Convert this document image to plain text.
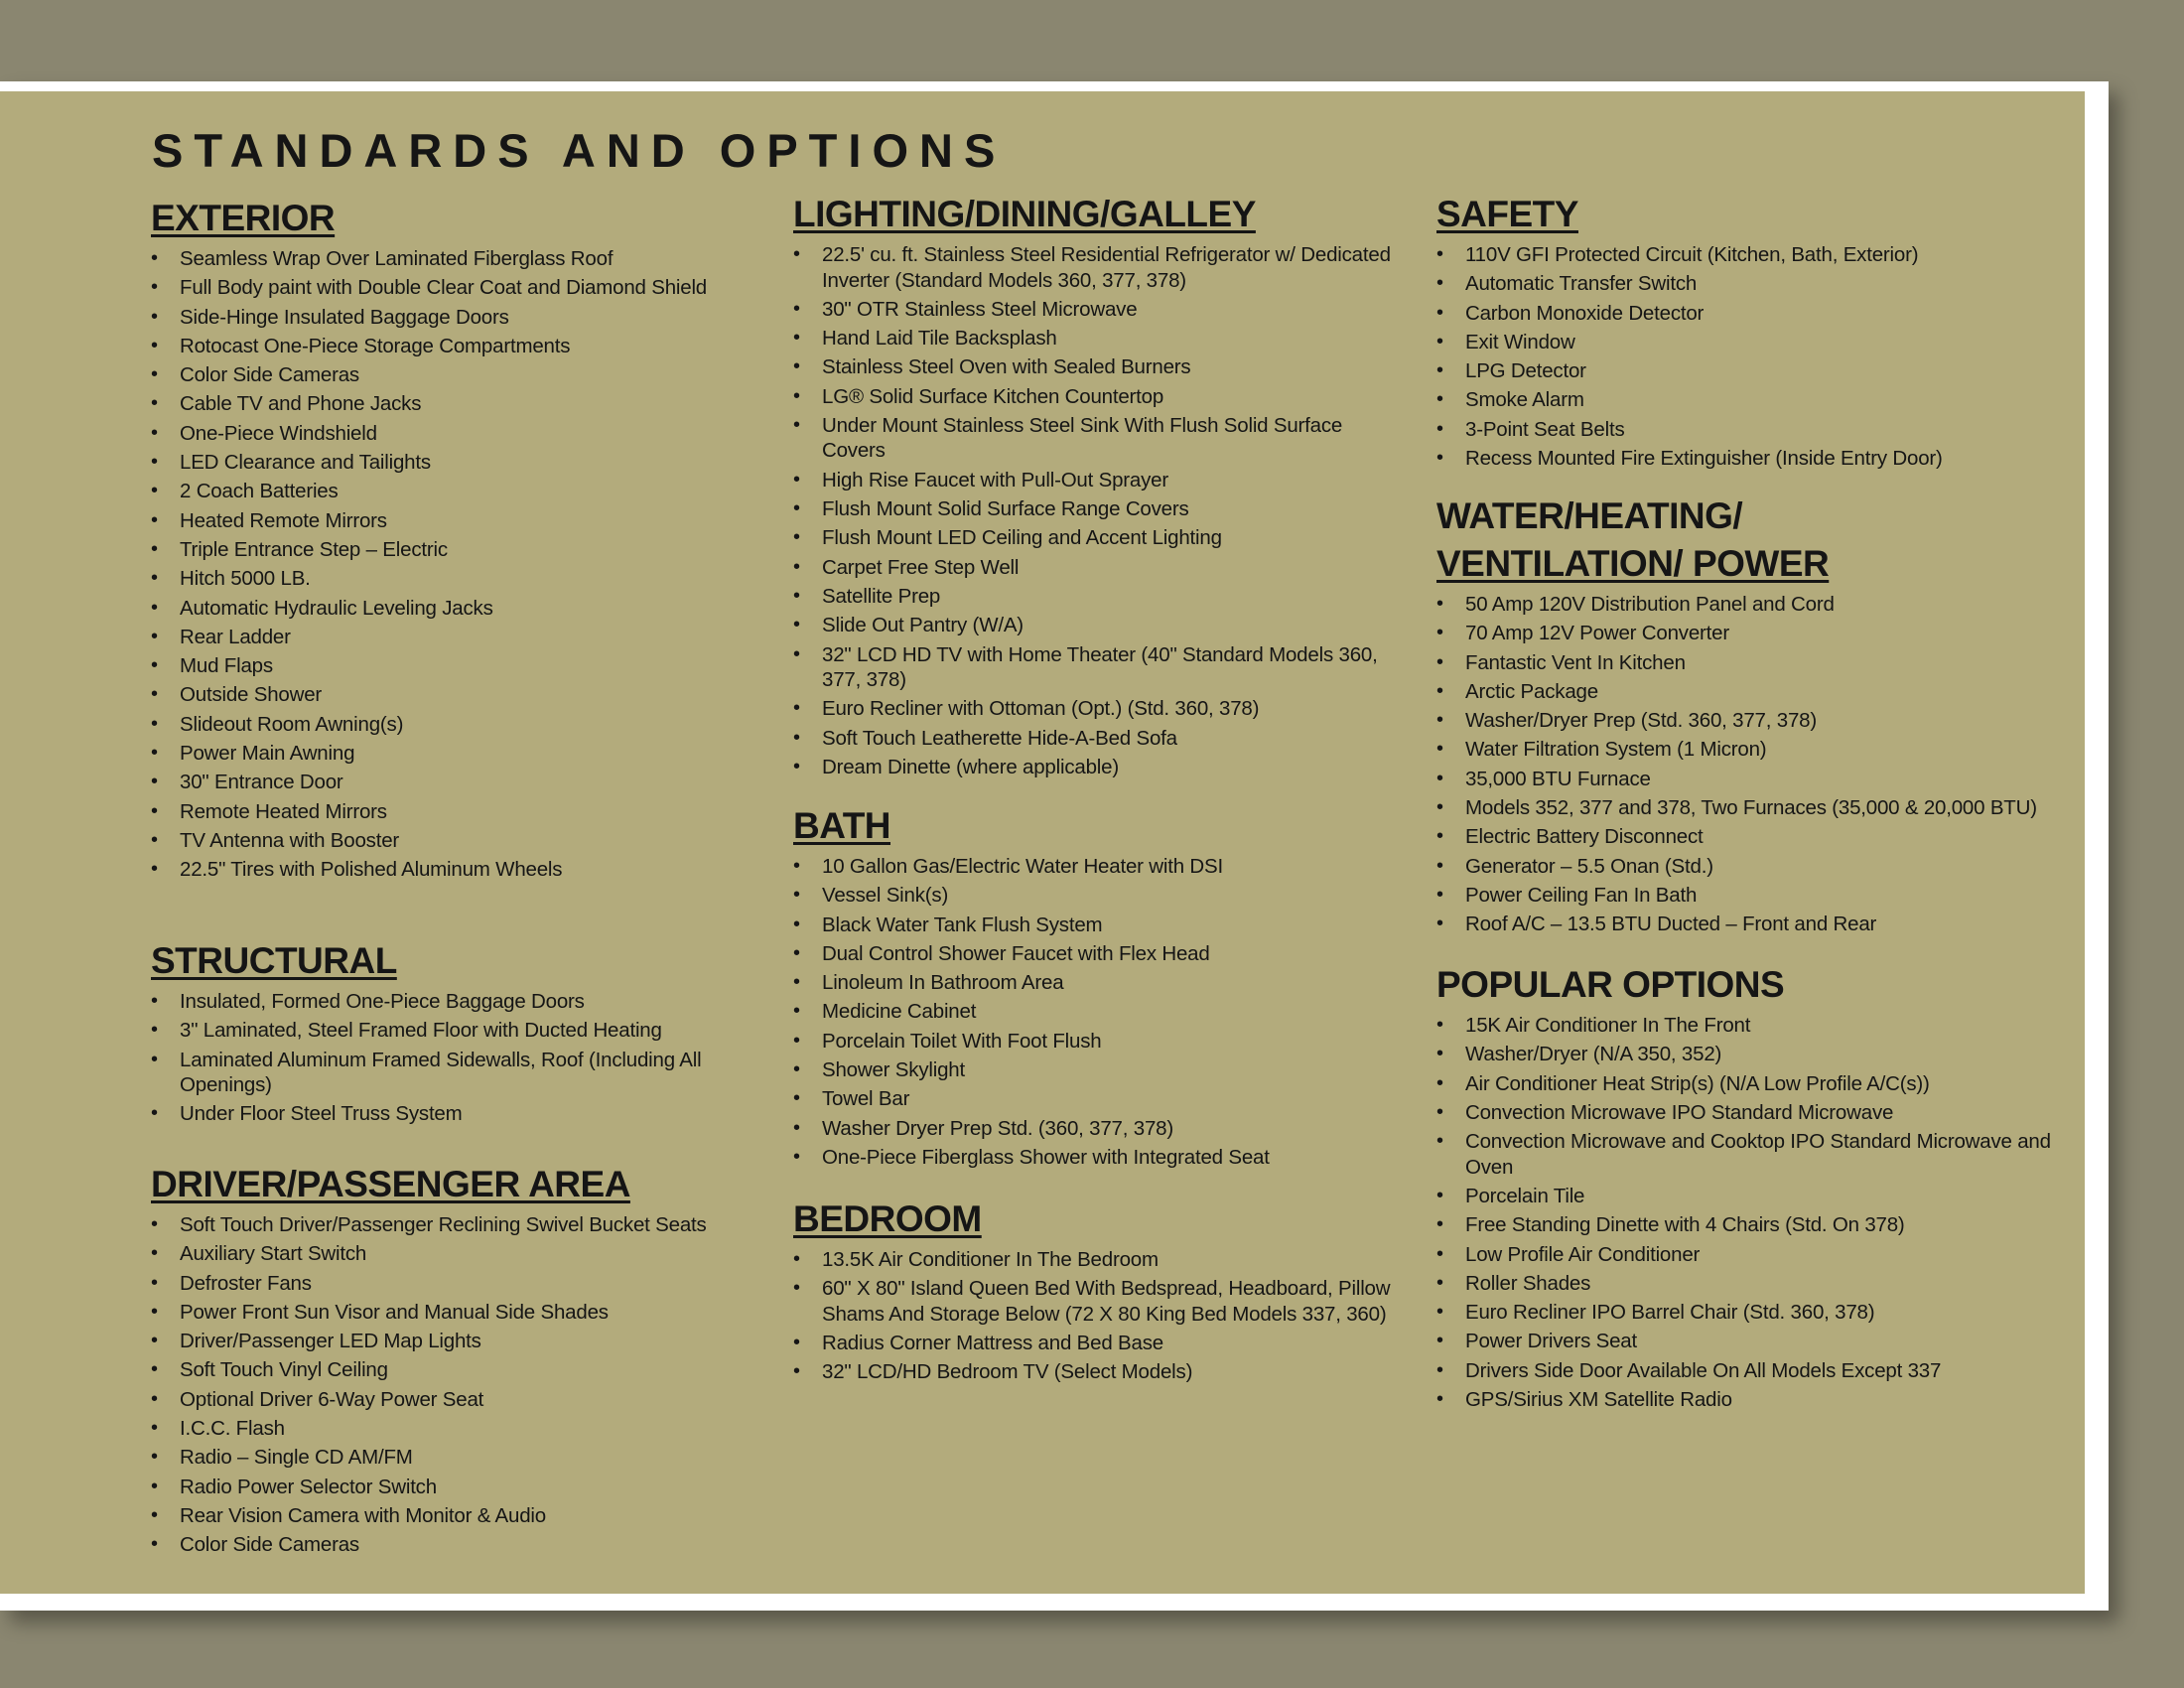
STANDARDS AND OPTIONS
EXTERIOR
• Seamless Wrap Over Laminated Fiberglass Roof
• Full Body paint with Double Clear Coat and Diamond Shield
• Side-Hinge Insulated Baggage Doors
• Rotocast One-Piece Storage Compartments
• Color Side Cameras
• Cable TV and Phone Jacks
• One-Piece Windshield
• LED Clearance and Tailights
• 2 Coach Batteries
• Heated Remote Mirrors
• Triple Entrance Step – Electric
• Hitch 5000 LB.
• Automatic Hydraulic Leveling Jacks
• Rear Ladder
• Mud Flaps
• Outside Shower
• Slideout Room Awning(s)
• Power Main Awning
• 30" Entrance Door
• Remote Heated Mirrors
• TV Antenna with Booster
• 22.5" Tires with Polished Aluminum Wheels
STRUCTURAL
• Insulated, Formed One-Piece Baggage Doors
• 3" Laminated, Steel Framed Floor with Ducted Heating
• Laminated Aluminum Framed Sidewalls, Roof (Including All Openings)
• Under Floor Steel Truss System
DRIVER/PASSENGER AREA
• Soft Touch Driver/Passenger Reclining Swivel Bucket Seats
• Auxiliary Start Switch
• Defroster Fans
• Power Front Sun Visor and Manual Side Shades
• Driver/Passenger LED Map Lights
• Soft Touch Vinyl Ceiling
• Optional Driver 6-Way Power Seat
• I.C.C. Flash
• Radio – Single CD AM/FM
• Radio Power Selector Switch
• Rear Vision Camera with Monitor & Audio
• Color Side Cameras
LIGHTING/DINING/GALLEY
• 22.5' cu. ft. Stainless Steel Residential Refrigerator w/ Dedicated Inverter (Standard Models 360, 377, 378)
• 30" OTR Stainless Steel Microwave
• Hand Laid Tile Backsplash
• Stainless Steel Oven with Sealed Burners
• LG® Solid Surface Kitchen Countertop
• Under Mount Stainless Steel Sink With Flush Solid Surface Covers
• High Rise Faucet with Pull-Out Sprayer
• Flush Mount Solid Surface Range Covers
• Flush Mount LED Ceiling and Accent Lighting
• Carpet Free Step Well
• Satellite Prep
• Slide Out Pantry (W/A)
• 32" LCD HD TV with Home Theater (40" Standard Models 360, 377, 378)
• Euro Recliner with Ottoman (Opt.) (Std. 360, 378)
• Soft Touch Leatherette Hide-A-Bed Sofa
• Dream Dinette (where applicable)
BATH
• 10 Gallon Gas/Electric Water Heater with DSI
• Vessel Sink(s)
• Black Water Tank Flush System
• Dual Control Shower Faucet with Flex Head
• Linoleum In Bathroom Area
• Medicine Cabinet
• Porcelain Toilet With Foot Flush
• Shower Skylight
• Towel Bar
• Washer Dryer Prep Std. (360, 377, 378)
• One-Piece Fiberglass Shower with Integrated Seat
BEDROOM
• 13.5K Air Conditioner In The Bedroom
• 60" X 80" Island Queen Bed With Bedspread, Headboard, Pillow Shams And Storage Below (72 X 80 King Bed Models 337, 360)
• Radius Corner Mattress and Bed Base
• 32" LCD/HD Bedroom TV (Select Models)
SAFETY
• 110V GFI Protected Circuit (Kitchen, Bath, Exterior)
• Automatic Transfer Switch
• Carbon Monoxide Detector
• Exit Window
• LPG Detector
• Smoke Alarm
• 3-Point Seat Belts
• Recess Mounted Fire Extinguisher (Inside Entry Door)
WATER/HEATING/
VENTILATION/ POWER
• 50 Amp 120V Distribution Panel and Cord
• 70 Amp 12V Power Converter
• Fantastic Vent In Kitchen
• Arctic Package
• Washer/Dryer Prep (Std. 360, 377, 378)
• Water Filtration System (1 Micron)
• 35,000 BTU Furnace
• Models 352, 377 and 378, Two Furnaces (35,000 & 20,000 BTU)
• Electric Battery Disconnect
• Generator – 5.5 Onan (Std.)
• Power Ceiling Fan In Bath
• Roof A/C – 13.5 BTU Ducted – Front and Rear
POPULAR OPTIONS
• 15K Air Conditioner In The Front
• Washer/Dryer (N/A 350, 352)
• Air Conditioner Heat Strip(s) (N/A Low Profile A/C(s))
• Convection Microwave IPO Standard Microwave
• Convection Microwave and Cooktop IPO Standard Microwave and Oven
• Porcelain Tile
• Free Standing Dinette with 4 Chairs (Std. On 378)
• Low Profile Air Conditioner
• Roller Shades
• Euro Recliner IPO Barrel Chair (Std. 360, 378)
• Power Drivers Seat
• Drivers Side Door Available On All Models Except 337
• GPS/Sirius XM Satellite Radio
